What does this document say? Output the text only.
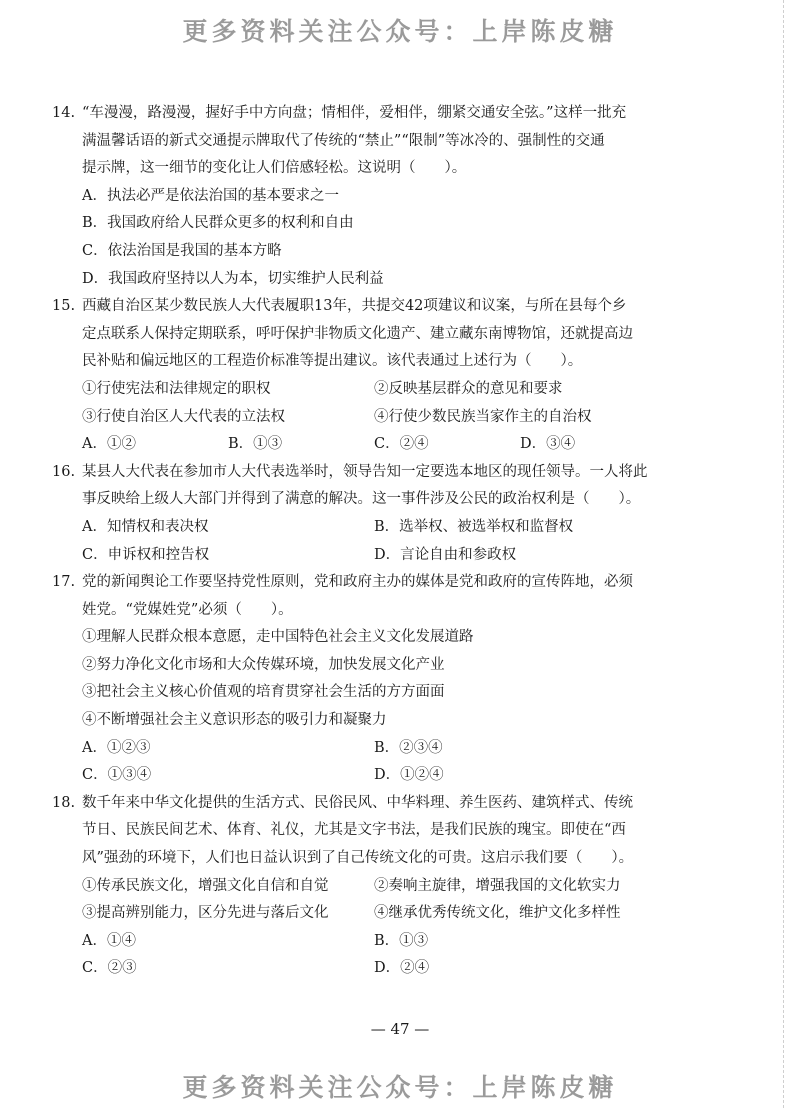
更多资料关注公众号：上岸陈皮糖
14. “车漫漫，路漫漫，握好手中方向盘；情相伴，爱相伴，绷紧交通安全弦。”这样一批充
满温馨话语的新式交通提示牌取代了传统的“禁止”“限制”等冰冷的、强制性的交通
提示牌，这一细节的变化让人们倍感轻松。这说明（　　）。
A．执法必严是依法治国的基本要求之一
B．我国政府给人民群众更多的权利和自由
C．依法治国是我国的基本方略
D．我国政府坚持以人为本，切实维护人民利益
15. 西藏自治区某少数民族人大代表履职13年，共提交42项建议和议案，与所在县每个乡
定点联系人保持定期联系，呼吁保护非物质文化遗产、建立藏东南博物馆，还就提高边
民补贴和偏远地区的工程造价标准等提出建议。该代表通过上述行为（　　）。
①行使宪法和法律规定的职权	②反映基层群众的意见和要求
③行使自治区人大代表的立法权	④行使少数民族当家作主的自治权
A．①②	B．①③	C．②④	D．③④
16. 某县人大代表在参加市人大代表选举时，领导告知一定要选本地区的现任领导。一人将此
事反映给上级人大部门并得到了满意的解决。这一事件涉及公民的政治权利是（　　）。
A．知情权和表决权	B．选举权、被选举权和监督权
C．申诉权和控告权	D．言论自由和参政权
17. 党的新闻舆论工作要坚持党性原则，党和政府主办的媒体是党和政府的宣传阵地，必须
姓党。“党媒姓党”必须（　　）。
①理解人民群众根本意愿，走中国特色社会主义文化发展道路
②努力净化文化市场和大众传媒环境，加快发展文化产业
③把社会主义核心价值观的培育贯穿社会生活的方方面面
④不断增强社会主义意识形态的吸引力和凝聚力
A．①②③	B．②③④
C．①③④	D．①②④
18. 数千年来中华文化提供的生活方式、民俗民风、中华料理、养生医药、建筑样式、传统
节日、民族民间艺术、体育、礼仪，尤其是文字书法，是我们民族的瑰宝。即使在“西
风”强劲的环境下，人们也日益认识到了自己传统文化的可贵。这启示我们要（　　）。
①传承民族文化，增强文化自信和自觉	②奏响主旋律，增强我国的文化软实力
③提高辨别能力，区分先进与落后文化	④继承优秀传统文化，维护文化多样性
A．①④	B．①③
C．②③	D．②④
— 47 —
更多资料关注公众号：上岸陈皮糖
